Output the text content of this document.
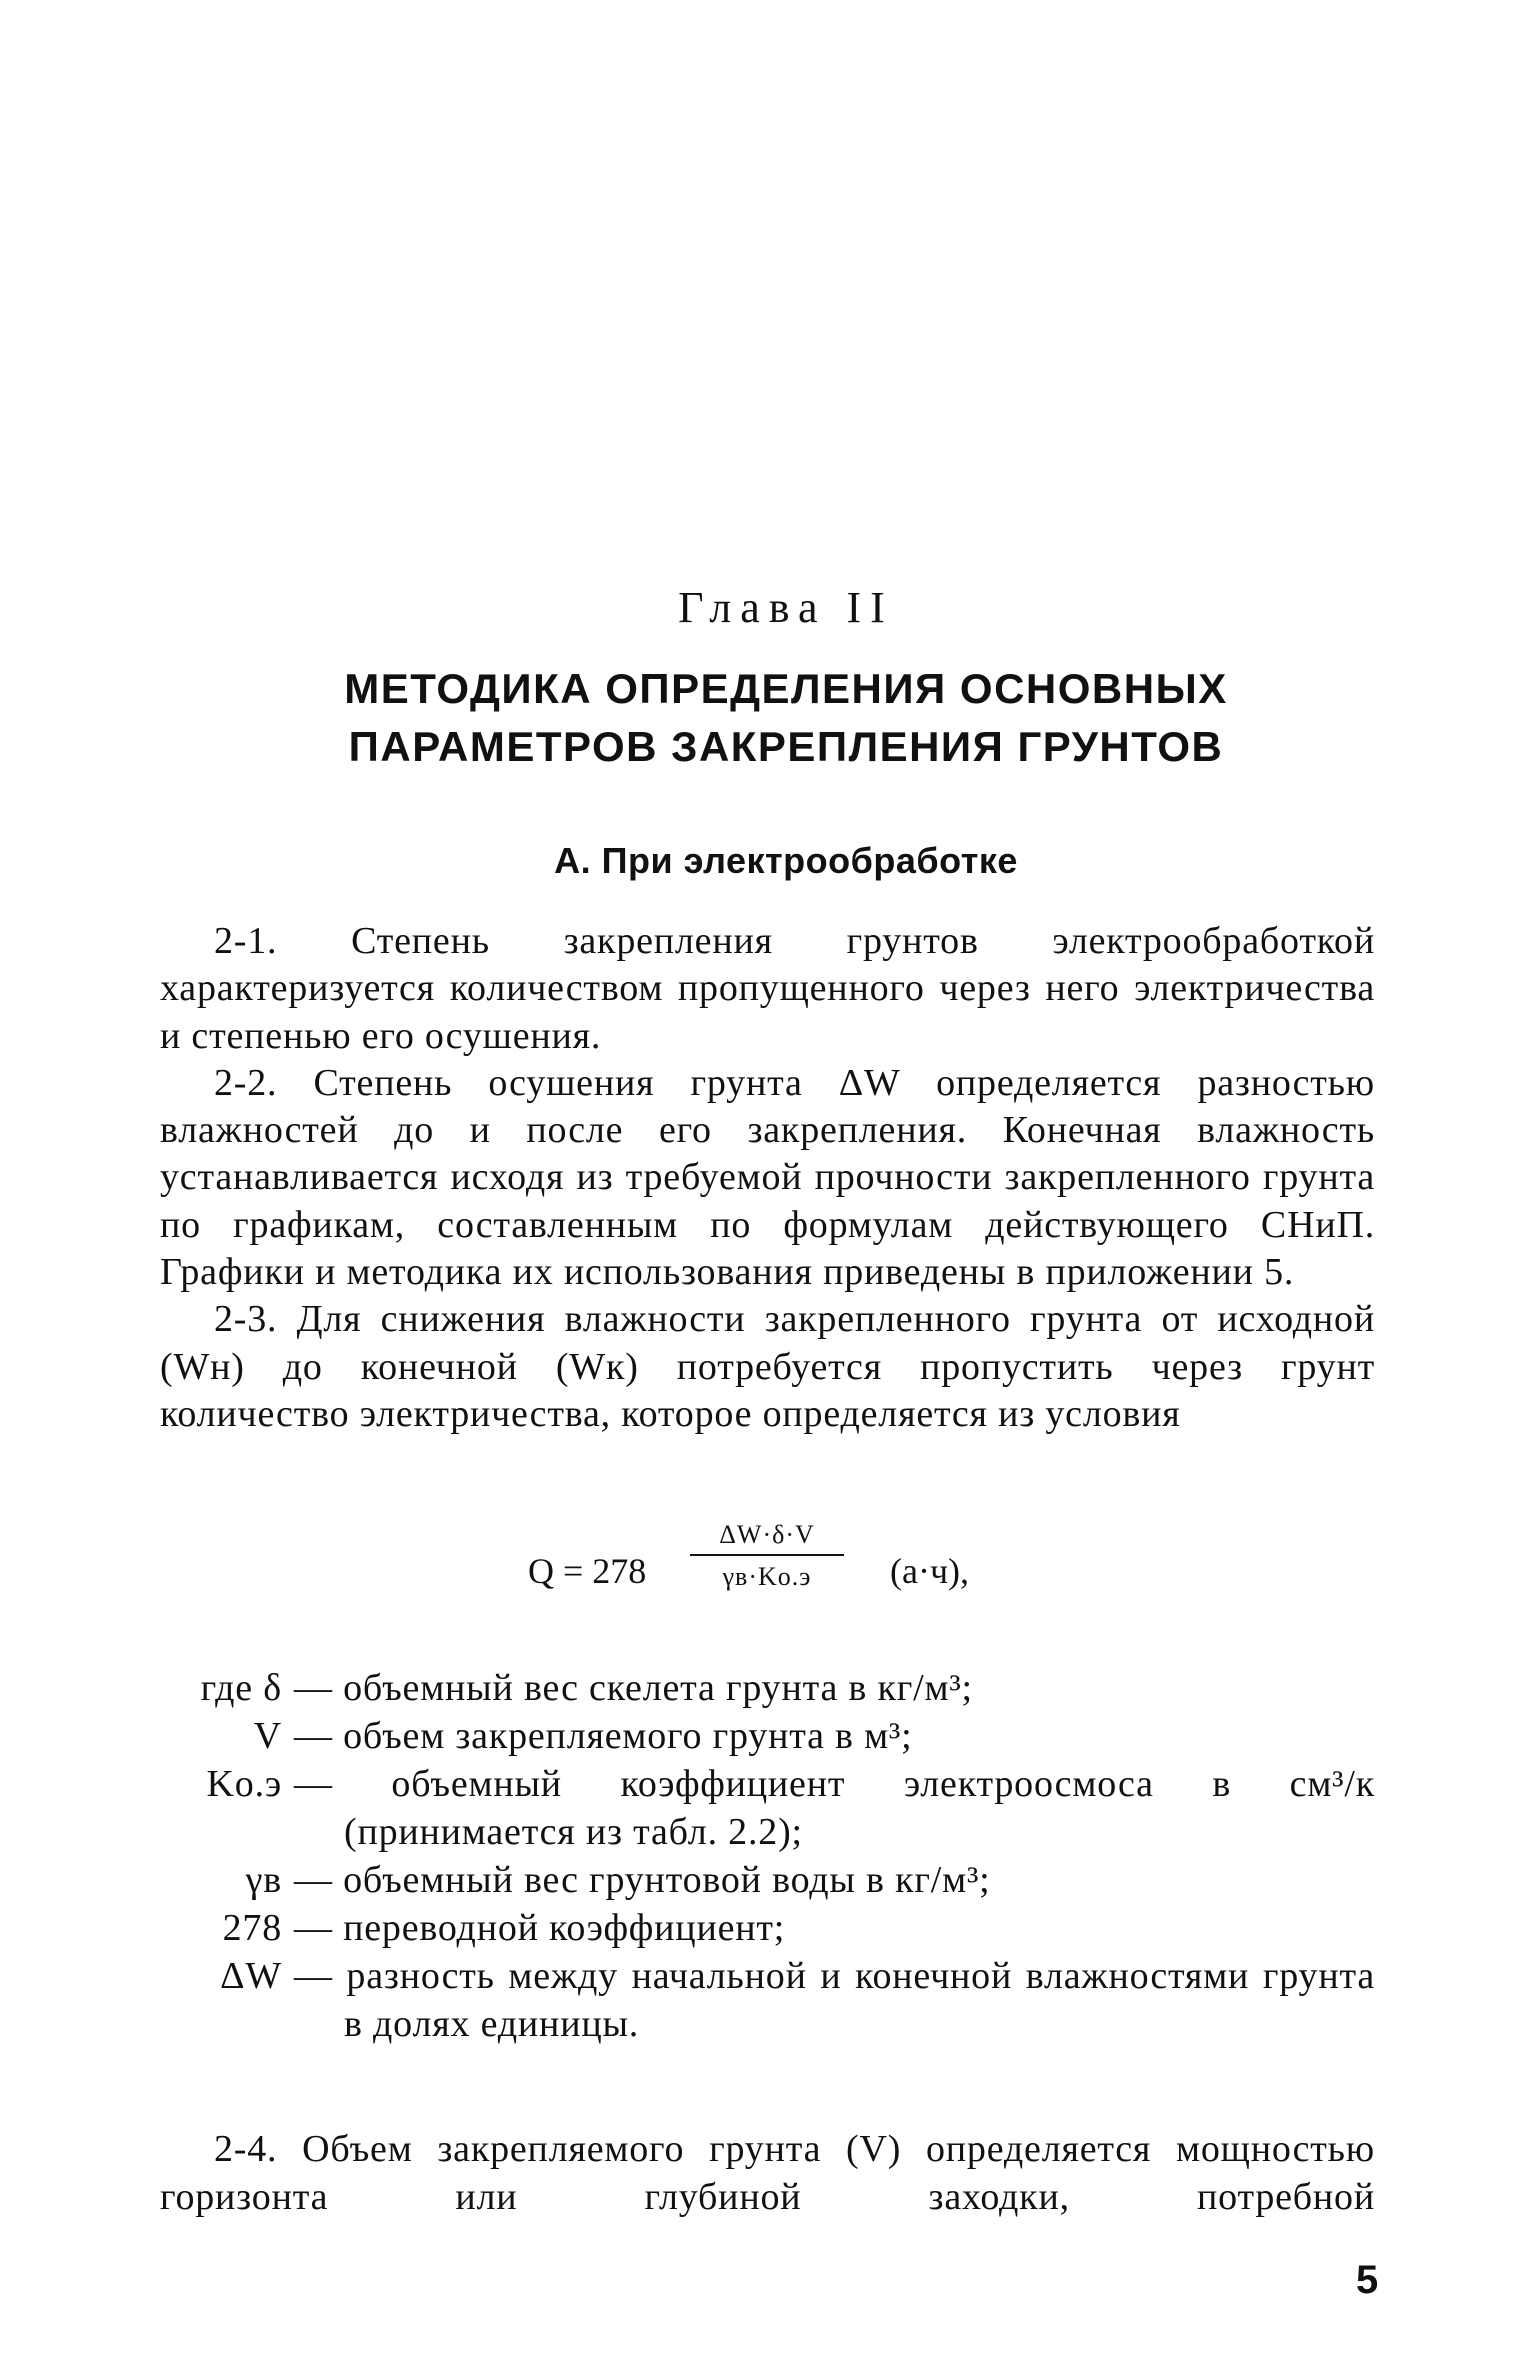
Глава II
МЕТОДИКА ОПРЕДЕЛЕНИЯ ОСНОВНЫХ
ПАРАМЕТРОВ ЗАКРЕПЛЕНИЯ ГРУНТОВ
А. При электрообработке

2-1. Степень закрепления грунтов электрообработкой характеризуется количеством пропущенного через него электричества и степенью его осушения.

2-2. Степень осушения грунта ΔW определяется разностью влажностей до и после его закрепления. Конечная влажность устанавливается исходя из требуемой прочности закрепленного грунта по графикам, составленным по формулам действующего СНиП. Графики и методика их использования приведены в приложении 5.

2-3. Для снижения влажности закрепленного грунта от исходной (Wн) до конечной (Wк) потребуется пропустить через грунт количество электричества, которое определяется из условия

Q = 278
ΔW·δ·V
γв·Kо.э	(а·ч),
где δ — объемный вес скелета грунта в кг/м³;
V — объем закрепляемого грунта в м³;
Kо.э — объемный коэффициент электроосмоса в см³/к (принимается из табл. 2.2);
γв — объемный вес грунтовой воды в кг/м³;
278 — переводной коэффициент;
ΔW — разность между начальной и конечной влажностями грунта в долях единицы.

2-4. Объем закрепляемого грунта (V) определяется мощностью горизонта или глубиной заходки, потребной

5
